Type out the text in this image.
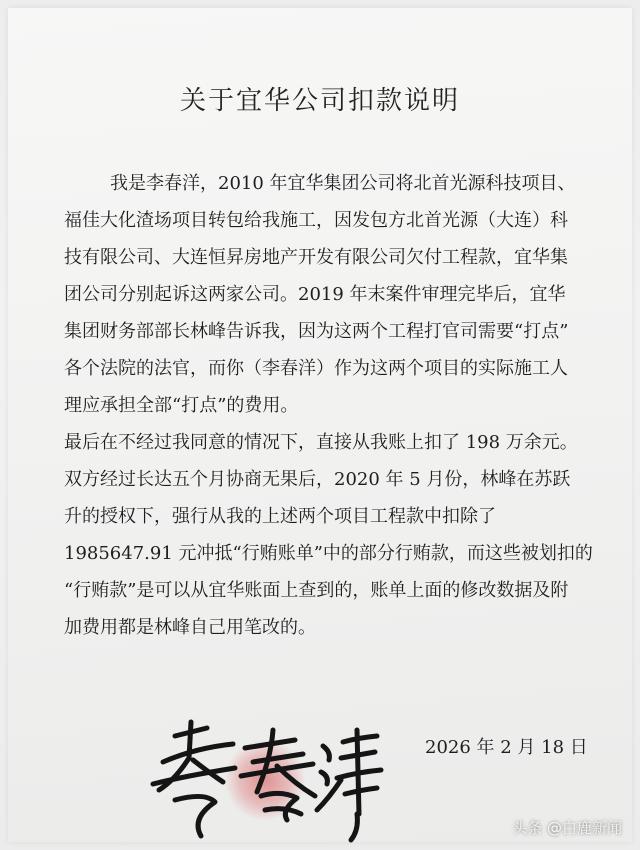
关于宜华公司扣款说明
我是李春洋，2010 年宜华集团公司将北首光源科技项目、
福佳大化渣场项目转包给我施工，因发包方北首光源（大连）科
技有限公司、大连恒昇房地产开发有限公司欠付工程款，宜华集
团公司分别起诉这两家公司。2019 年末案件审理完毕后，宜华
集团财务部部长林峰告诉我，因为这两个工程打官司需要“打点”
各个法院的法官，而你（李春洋）作为这两个项目的实际施工人
理应承担全部“打点”的费用。
最后在不经过我同意的情况下，直接从我账上扣了 198 万余元。
双方经过长达五个月协商无果后，2020 年 5 月份，林峰在苏跃
升的授权下，强行从我的上述两个项目工程款中扣除了
1985647.91 元冲抵“行贿账单”中的部分行贿款，而这些被划扣的
“行贿款”是可以从宜华账面上查到的，账单上面的修改数据及附
加费用都是林峰自己用笔改的。
2026 年 2 月 18 日
头条 @白鹿新闻
